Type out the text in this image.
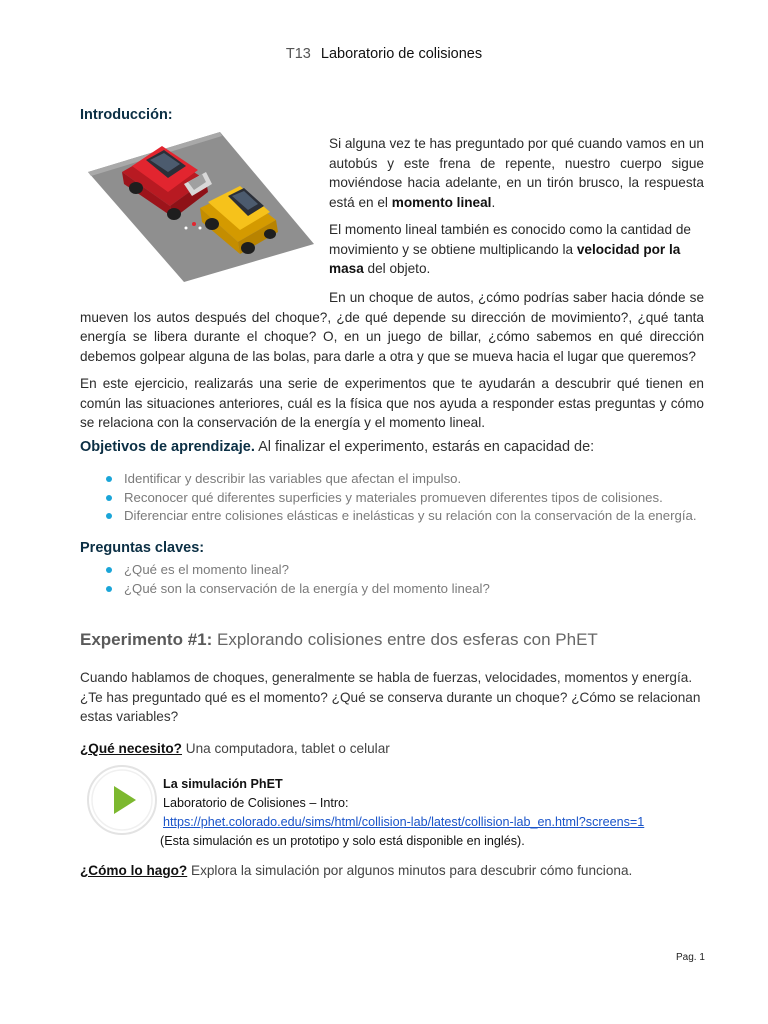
T13 Laboratorio de colisiones
Introducción:

Si alguna vez te has preguntado por qué cuando vamos en un autobús y este frena de repente, nuestro cuerpo sigue moviéndose hacia adelante, en un tirón brusco, la respuesta está en el momento lineal.

El momento lineal también es conocido como la cantidad de movimiento y se obtiene multiplicando la velocidad por la masa del objeto.

En un choque de autos, ¿cómo podrías saber hacia dónde se mueven los autos después del choque?, ¿de qué depende su dirección de movimiento?, ¿qué tanta energía se libera durante el choque? O, en un juego de billar, ¿cómo sabemos en qué dirección debemos golpear alguna de las bolas, para darle a otra y que se mueva hacia el lugar que queremos?

En este ejercicio, realizarás una serie de experimentos que te ayudarán a descubrir qué tienen en común las situaciones anteriores, cuál es la física que nos ayuda a responder estas preguntas y cómo se relaciona con la conservación de la energía y el momento lineal.

Objetivos de aprendizaje. Al finalizar el experimento, estarás en capacidad de:
Identificar y describir las variables que afectan el impulso.
Reconocer qué diferentes superficies y materiales promueven diferentes tipos de colisiones.
Diferenciar entre colisiones elásticas e inelásticas y su relación con la conservación de la energía.
Preguntas claves:
¿Qué es el momento lineal?
¿Qué son la conservación de la energía y del momento lineal?
Experimento #1: Explorando colisiones entre dos esferas con PhET

Cuando hablamos de choques, generalmente se habla de fuerzas, velocidades, momentos y energía. ¿Te has preguntado qué es el momento? ¿Qué se conserva durante un choque? ¿Cómo se relacionan estas variables?

¿Qué necesito? Una computadora, tablet o celular
La simulación PhET
Laboratorio de Colisiones – Intro:
https://phet.colorado.edu/sims/html/collision-lab/latest/collision-lab_en.html?screens=1
(Esta simulación es un prototipo y solo está disponible en inglés).
¿Cómo lo hago? Explora la simulación por algunos minutos para descubrir cómo funciona.
Pag. 1
